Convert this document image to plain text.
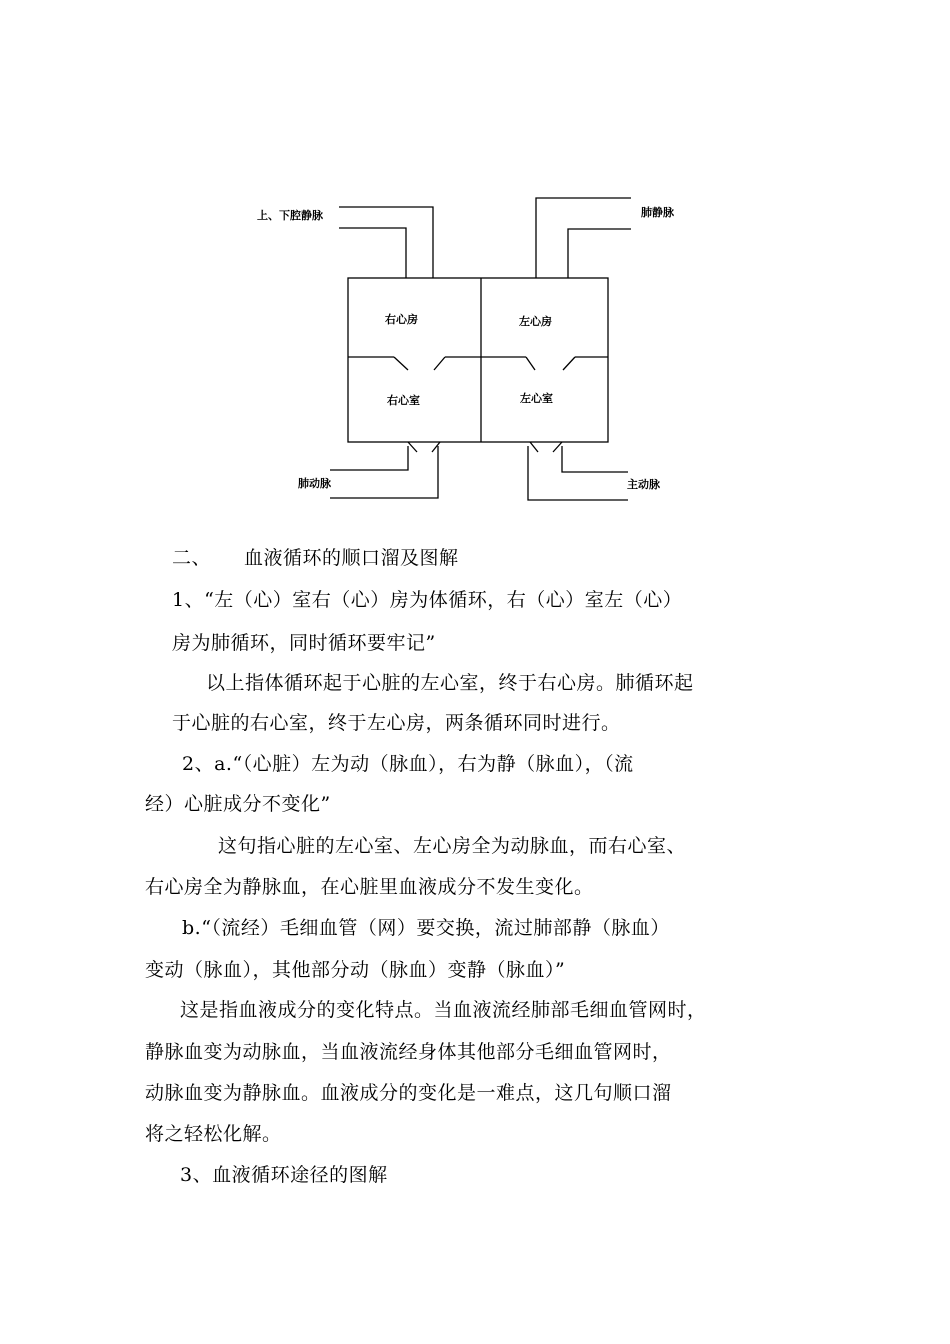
上、下腔静脉	肺静脉
右心房	左心房
右心室	左心室
肺动脉	主动脉
二、 血液循环的顺口溜及图解
1、“左（心）室右（心）房为体循环，右（心）室左（心）
房为肺循环，同时循环要牢记”
以上指体循环起于心脏的左心室，终于右心房。肺循环起
于心脏的右心室，终于左心房，两条循环同时进行。
2、a.“（心脏）左为动（脉血），右为静（脉血），（流
经）心脏成分不变化”
这句指心脏的左心室、左心房全为动脉血，而右心室、
右心房全为静脉血，在心脏里血液成分不发生变化。
b.“（流经）毛细血管（网）要交换，流过肺部静（脉血）
变动（脉血），其他部分动（脉血）变静（脉血）”
这是指血液成分的变化特点。当血液流经肺部毛细血管网时，
静脉血变为动脉血，当血液流经身体其他部分毛细血管网时，
动脉血变为静脉血。血液成分的变化是一难点，这几句顺口溜
将之轻松化解。
3、血液循环途径的图解
